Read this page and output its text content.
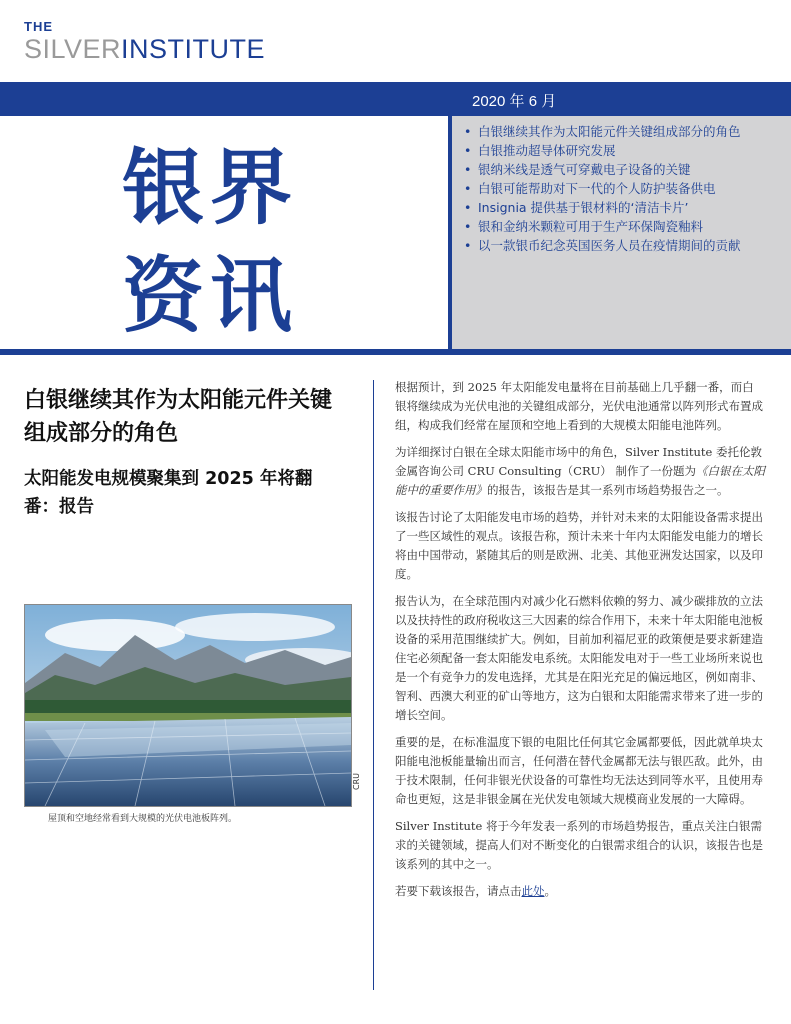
THE
SILVERINSTITUTE
2020 年 6 月
银界
资讯
• 白银继续其作为太阳能元件关键组成部分的角色
• 白银推动超导体研究发展
• 银纳米线是透气可穿戴电子设备的关键
• 白银可能帮助对下一代的个人防护装备供电
• Insignia 提供基于银材料的‘清洁卡片’
• 银和金纳米颗粒可用于生产环保陶瓷釉料
• 以一款银币纪念英国医务人员在疫情期间的贡献
白银继续其作为太阳能元件关键组成部分的角色
太阳能发电规模聚集到 2025 年将翻番：报告
CRU
屋顶和空地经常看到大规模的光伏电池板阵列。

根据预计，到 2025 年太阳能发电量将在目前基础上几乎翻一番，而白银将继续成为光伏电池的关键组成部分，光伏电池通常以阵列形式布置成组，构成我们经常在屋顶和空地上看到的大规模太阳能电池阵列。

为详细探讨白银在全球太阳能市场中的角色，Silver Institute 委托伦敦金属咨询公司 CRU Consulting（CRU） 制作了一份题为《白银在太阳能中的重要作用》的报告，该报告是其一系列市场趋势报告之一。

该报告讨论了太阳能发电市场的趋势，并针对未来的太阳能设备需求提出了一些区域性的观点。该报告称，预计未来十年内太阳能发电能力的增长将由中国带动，紧随其后的则是欧洲、北美、其他亚洲发达国家，以及印度。

报告认为，在全球范围内对减少化石燃料依赖的努力、减少碳排放的立法以及扶持性的政府税收这三大因素的综合作用下，未来十年太阳能电池板设备的采用范围继续扩大。例如，目前加利福尼亚的政策便是要求新建造住宅必须配备一套太阳能发电系统。太阳能发电对于一些工业场所来说也是一个有竞争力的发电选择，尤其是在阳光充足的偏远地区，例如南非、智利、西澳大利亚的矿山等地方，这为白银和太阳能需求带来了进一步的增长空间。

重要的是，在标准温度下银的电阻比任何其它金属都要低，因此就单块太阳能电池板能量输出而言，任何潜在替代金属都无法与银匹敌。此外，由于技术限制，任何非银光伏设备的可靠性均无法达到同等水平，且使用寿命也更短，这是非银金属在光伏发电领域大规模商业发展的一大障碍。

Silver Institute 将于今年发表一系列的市场趋势报告，重点关注白银需求的关键领域，提高人们对不断变化的白银需求组合的认识，该报告也是该系列的其中之一。

若要下载该报告，请点击此处。
